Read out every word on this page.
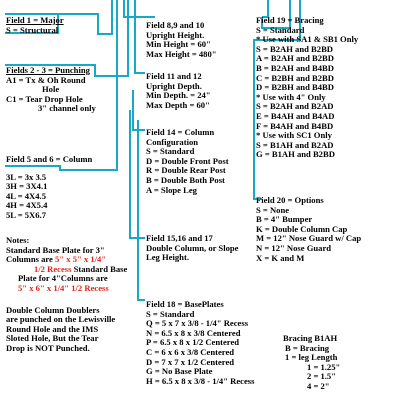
Field 1 = Major
S = Structural
Fields 2 - 3 = Punching
A1 = Tx & Oh Round
Hole
C1 = Tear Drop Hole
3" channel only
Field 5 and 6 = Column
3L = 3x 3.5
3H = 3X4.1
4L = 4X4.5
4H = 4X5.4
5L = 5X6.7
Notes:
Standard Base Plate for 3"
Columns are 5" x 5" x 1/4"
1/2 Recess Standard Base
Plate for 4"Columns are
5" x 6" x 1/4" 1/2 Recess
Double Column Doublers
are punched on the Lewisville
Round Hole and the IMS
Sloted Hole, But the Tear
Drop is NOT Punched.
Field 8,9 and 10
Upright Height.
Min Height = 60"
Max Height = 480"
Field 11 and 12
Upright Depth.
Min Depth. = 24"
Max Depth = 60"
Field 14 = Column
Configuration
S = Standard
D = Double Front Post
R = Double Rear Post
B = Double Both Post
A = Slope Leg
Field 15,16 and 17
Double Column, or Slope
Leg Height.
Field 18 = BasePlates
S = Standard
Q = 5 x 7 x 3/8 - 1/4" Recess
N = 6.5 x 8 x 3/8 Centered
P = 6.5 x 8 x 1/2 Centered
C = 6 x 6 x 3/8 Centered
D = 7 x 7 x 1/2 Centered
G = No Base Plate
H = 6.5 x 8 x 3/8 - 1/4" Recess
Field 19 = Bracing
S = Standard
* Use with SA1 & SB1 Only
S = B2AH and B2BD
A = B2AH and B2BD
B = B2AH and B4BD
C = B2BH and B2BD
D = B2BH and B4BD
* Use with 4" Only
S = B2AH and B2AD
E = B4AH and B4AD
F = B4AH and B4BD
* Use with SC1 Only
S = B1AH and B2AD
G = B1AH and B2BD
Field 20 = Options
S = None
B = 4" Bumper
K = Double Column Cap
M = 12" Nose Guard w/ Cap
N = 12" Nose Guard
X = K and M
Bracing B1AH
B = Bracing
1 = leg Length
1 = 1.25"
2 = 1.5"
4 = 2"
